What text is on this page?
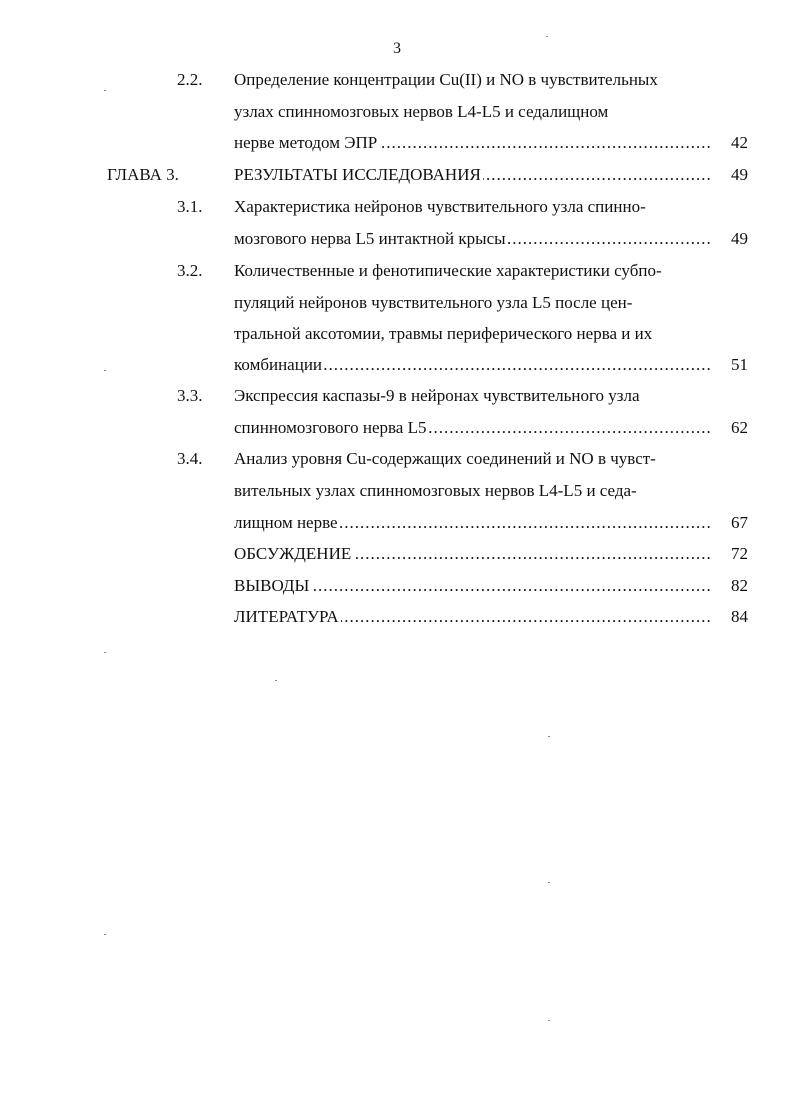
3
2.2. Определение концентрации Cu(II) и NO в чувствительных
узлах спинномозговых нервов L4-L5 и седалищном
нерве методом ЭПР .....	42
ГЛАВА 3.	РЕЗУЛЬТАТЫ ИССЛЕДОВАНИЯ .....	49
3.1. Характеристика нейронов чувствительного узла спинно-
мозгового нерва L5 интактной крысы .....	49
3.2. Количественные и фенотипические характеристики субпо-
пуляций нейронов чувствительного узла L5 после цен-
тральной аксотомии, травмы периферического нерва и их
комбинации .....	51
3.3. Экспрессия каспазы-9 в нейронах чувствительного узла
спинномозгового нерва L5 .....	62
3.4. Анализ уровня Cu-содержащих соединений и NO в чувст-
вительных узлах спинномозговых нервов L4-L5 и седа-
лищном нерве .....	67
ОБСУЖДЕНИЕ .....	72
ВЫВОДЫ .....	82
ЛИТЕРАТУРА .....	84
